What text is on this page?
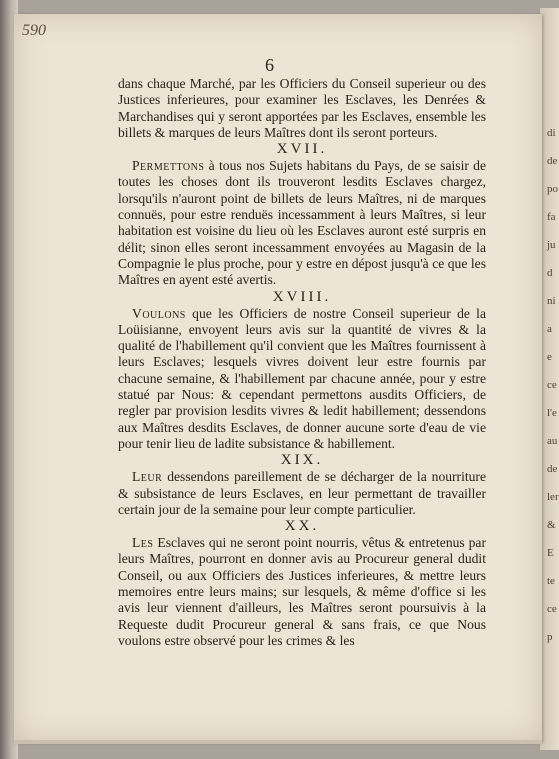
di
de
po
fa
ju
d
ni
a
e
ce
l'e
au
de
ler
&
E
te
ce
p
590
6

dans chaque Marché, par les Officiers du Conseil superieur ou des Justices inferieures, pour examiner les Esclaves, les Denrées & Marchandises qui y seront apportées par les Esclaves, ensemble les billets & marques de leurs Maîtres dont ils seront porteurs.

XVII.

Permettons à tous nos Sujets habitans du Pays, de se saisir de toutes les choses dont ils trouveront lesdits Esclaves chargez, lorsqu'ils n'auront point de billets de leurs Maîtres, ni de marques connuës, pour estre renduës incessamment à leurs Maîtres, si leur habitation est voisine du lieu où les Esclaves auront esté surpris en délit; sinon elles seront incessamment envoyées au Magasin de la Compagnie le plus proche, pour y estre en dépost jusqu'à ce que les Maîtres en ayent esté avertis.

XVIII.

Voulons que les Officiers de nostre Conseil superieur de la Loüisianne, envoyent leurs avis sur la quantité de vivres & la qualité de l'habillement qu'il convient que les Maîtres fournissent à leurs Esclaves; lesquels vivres doivent leur estre fournis par chacune semaine, & l'habillement par chacune année, pour y estre statué par Nous: & cependant permettons ausdits Officiers, de regler par provision lesdits vivres & ledit habillement; dessendons aux Maîtres desdits Esclaves, de donner aucune sorte d'eau de vie pour tenir lieu de ladite subsistance & habillement.

XIX.

Leur dessendons pareillement de se décharger de la nourriture & subsistance de leurs Esclaves, en leur permettant de travailler certain jour de la semaine pour leur compte particulier.

XX.

Les Esclaves qui ne seront point nourris, vêtus & entretenus par leurs Maîtres, pourront en donner avis au Procureur general dudit Conseil, ou aux Officiers des Justices inferieures, & mettre leurs memoires entre leurs mains; sur lesquels, & même d'office si les avis leur viennent d'ailleurs, les Maîtres seront poursuivis à la Requeste dudit Procureur general & sans frais, ce que Nous voulons estre observé pour les crimes & les
